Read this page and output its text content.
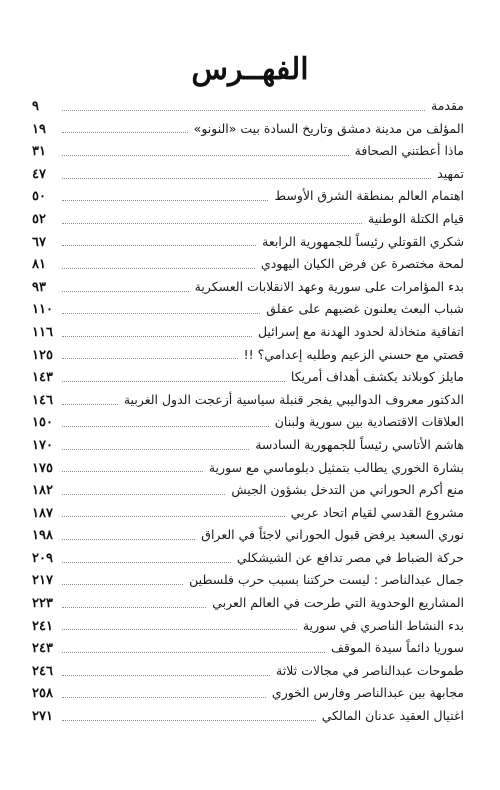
الفهــرس
مقدمة
٩
المؤلف من مدينة دمشق وتاريخ السادة بيت «النونو»
١٩
ماذا أعطتني الصحافة
٣١
تمهيد
٤٧
اهتمام العالم بمنطقة الشرق الأوسط
٥٠
قيام الكتلة الوطنية
٥٢
شكري القوتلي رئيساً للجمهورية الرابعة
٦٧
لمحة مختصرة عن فرض الكيان اليهودي
٨١
بدء المؤامرات على سورية وعهد الانقلابات العسكرية
٩٣
شباب البعث يعلنون غضبهم على عفلق
١١٠
اتفاقية متخاذلة لحدود الهدنة مع إسرائيل
١١٦
قصتي مع حسني الزعيم وطلبه إعدامي؟ !!
١٢٥
مايلز كوبلاند يكشف أهداف أمريكا
١٤٣
الدكتور معروف الدواليبي يفجر قنبلة سياسية أزعجت الدول الغربية
١٤٦
العلاقات الاقتصادية بين سورية ولبنان
١٥٠
هاشم الأتاسي رئيساً للجمهورية السادسة
١٧٠
بشارة الخوري يطالب بتمثيل دبلوماسي مع سورية
١٧٥
منع أكرم الحوراني من التدخل بشؤون الجيش
١٨٢
مشروع القدسي لقيام اتحاد عربي
١٨٧
نوري السعيد يرفض قبول الحوراني لاجئاً في العراق
١٩٨
حركة الضباط في مصر تدافع عن الشيشكلي
٢٠٩
جمال عبدالناصر : ليست حركتنا بسبب حرب فلسطين
٢١٧
المشاريع الوحدوية التي طرحت في العالم العربي
٢٢٣
بدء النشاط الناصري في سورية
٢٤١
سوريا دائماً سيدة الموقف
٢٤٣
طموحات عبدالناصر في مجالات ثلاثة
٢٤٦
مجابهة بين عبدالناصر وفارس الخوري
٢٥٨
اغتيال العقيد عدنان المالكي
٢٧١
